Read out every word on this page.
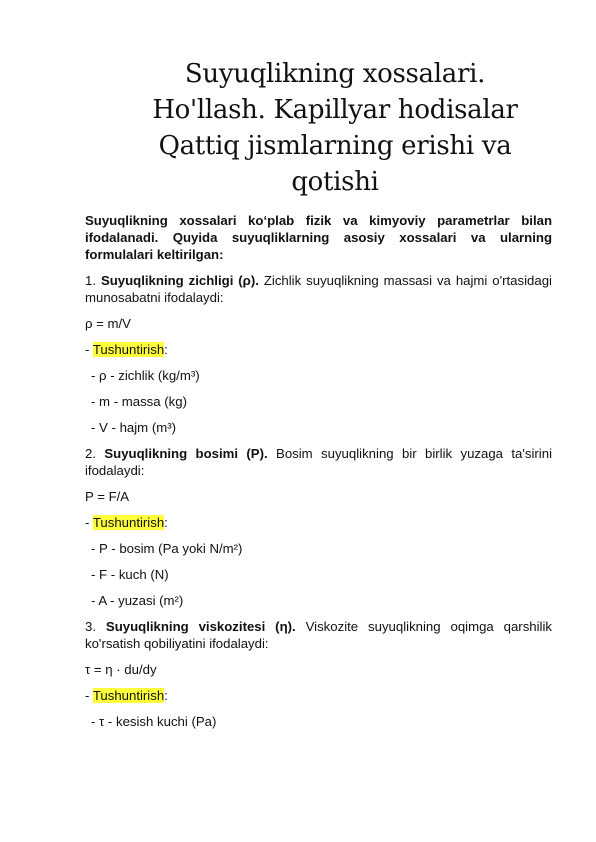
Suyuqlikning xossalari.
Ho'llash. Kapillyar hodisalar
Qattiq jismlarning erishi va
qotishi

Suyuqlikning xossalari ko‘plab fizik va kimyoviy parametrlar bilan ifodalanadi. Quyida suyuqliklarning asosiy xossalari va ularning formulalari keltirilgan:

1. Suyuqlikning zichligi (ρ). Zichlik suyuqlikning massasi va hajmi o'rtasidagi munosabatni ifodalaydi:

ρ = m/V

- Tushuntirish:

- ρ - zichlik (kg/m³)

- m - massa (kg)

- V - hajm (m³)

2. Suyuqlikning bosimi (P). Bosim suyuqlikning bir birlik yuzaga ta'sirini ifodalaydi:

P = F/A

- Tushuntirish:

- P - bosim (Pa yoki N/m²)

- F - kuch (N)

- A - yuzasi (m²)

3. Suyuqlikning viskozitesi (η). Viskozite suyuqlikning oqimga qarshilik ko'rsatish qobiliyatini ifodalaydi:

τ = η · du/dy

- Tushuntirish:

- τ - kesish kuchi (Pa)
